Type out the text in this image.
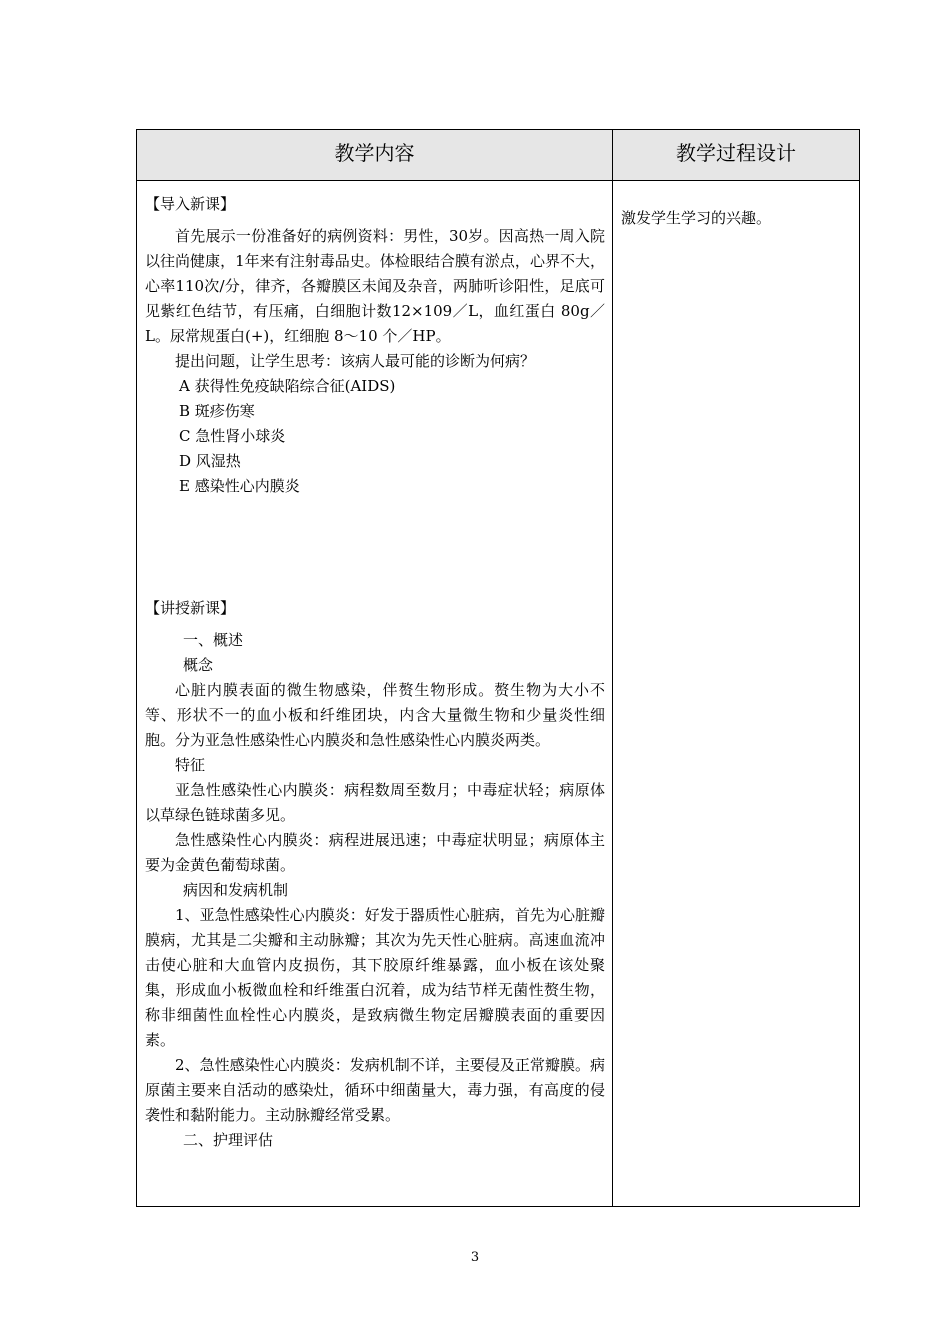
教学内容	教学过程设计

【导入新课】

首先展示一份准备好的病例资料：男性，30岁。因高热一周入院以往尚健康，1年来有注射毒品史。体检眼结合膜有淤点，心界不大，心率110次/分，律齐，各瓣膜区未闻及杂音，两肺听诊阳性，足底可见紫红色结节，有压痛，白细胞计数12×109／L，血红蛋白 80g／L。尿常规蛋白(+)，红细胞 8～10 个／HP。

提出问题，让学生思考：该病人最可能的诊断为何病？

A 获得性免疫缺陷综合征(AIDS)

B 斑疹伤寒

C 急性肾小球炎

D 风湿热

E 感染性心内膜炎

【讲授新课】

一、概述

概念

心脏内膜表面的微生物感染，伴赘生物形成。赘生物为大小不等、形状不一的血小板和纤维团块，内含大量微生物和少量炎性细胞。分为亚急性感染性心内膜炎和急性感染性心内膜炎两类。

特征

亚急性感染性心内膜炎：病程数周至数月；中毒症状轻；病原体以草绿色链球菌多见。

急性感染性心内膜炎：病程进展迅速；中毒症状明显；病原体主要为金黄色葡萄球菌。

病因和发病机制

1、亚急性感染性心内膜炎：好发于器质性心脏病，首先为心脏瓣膜病，尤其是二尖瓣和主动脉瓣；其次为先天性心脏病。高速血流冲击使心脏和大血管内皮损伤，其下胶原纤维暴露，血小板在该处聚集，形成血小板微血栓和纤维蛋白沉着，成为结节样无菌性赘生物，称非细菌性血栓性心内膜炎，是致病微生物定居瓣膜表面的重要因素。

2、急性感染性心内膜炎：发病机制不详，主要侵及正常瓣膜。病原菌主要来自活动的感染灶，循环中细菌量大，毒力强，有高度的侵袭性和黏附能力。主动脉瓣经常受累。

二、护理评估

激发学生学习的兴趣。

3
